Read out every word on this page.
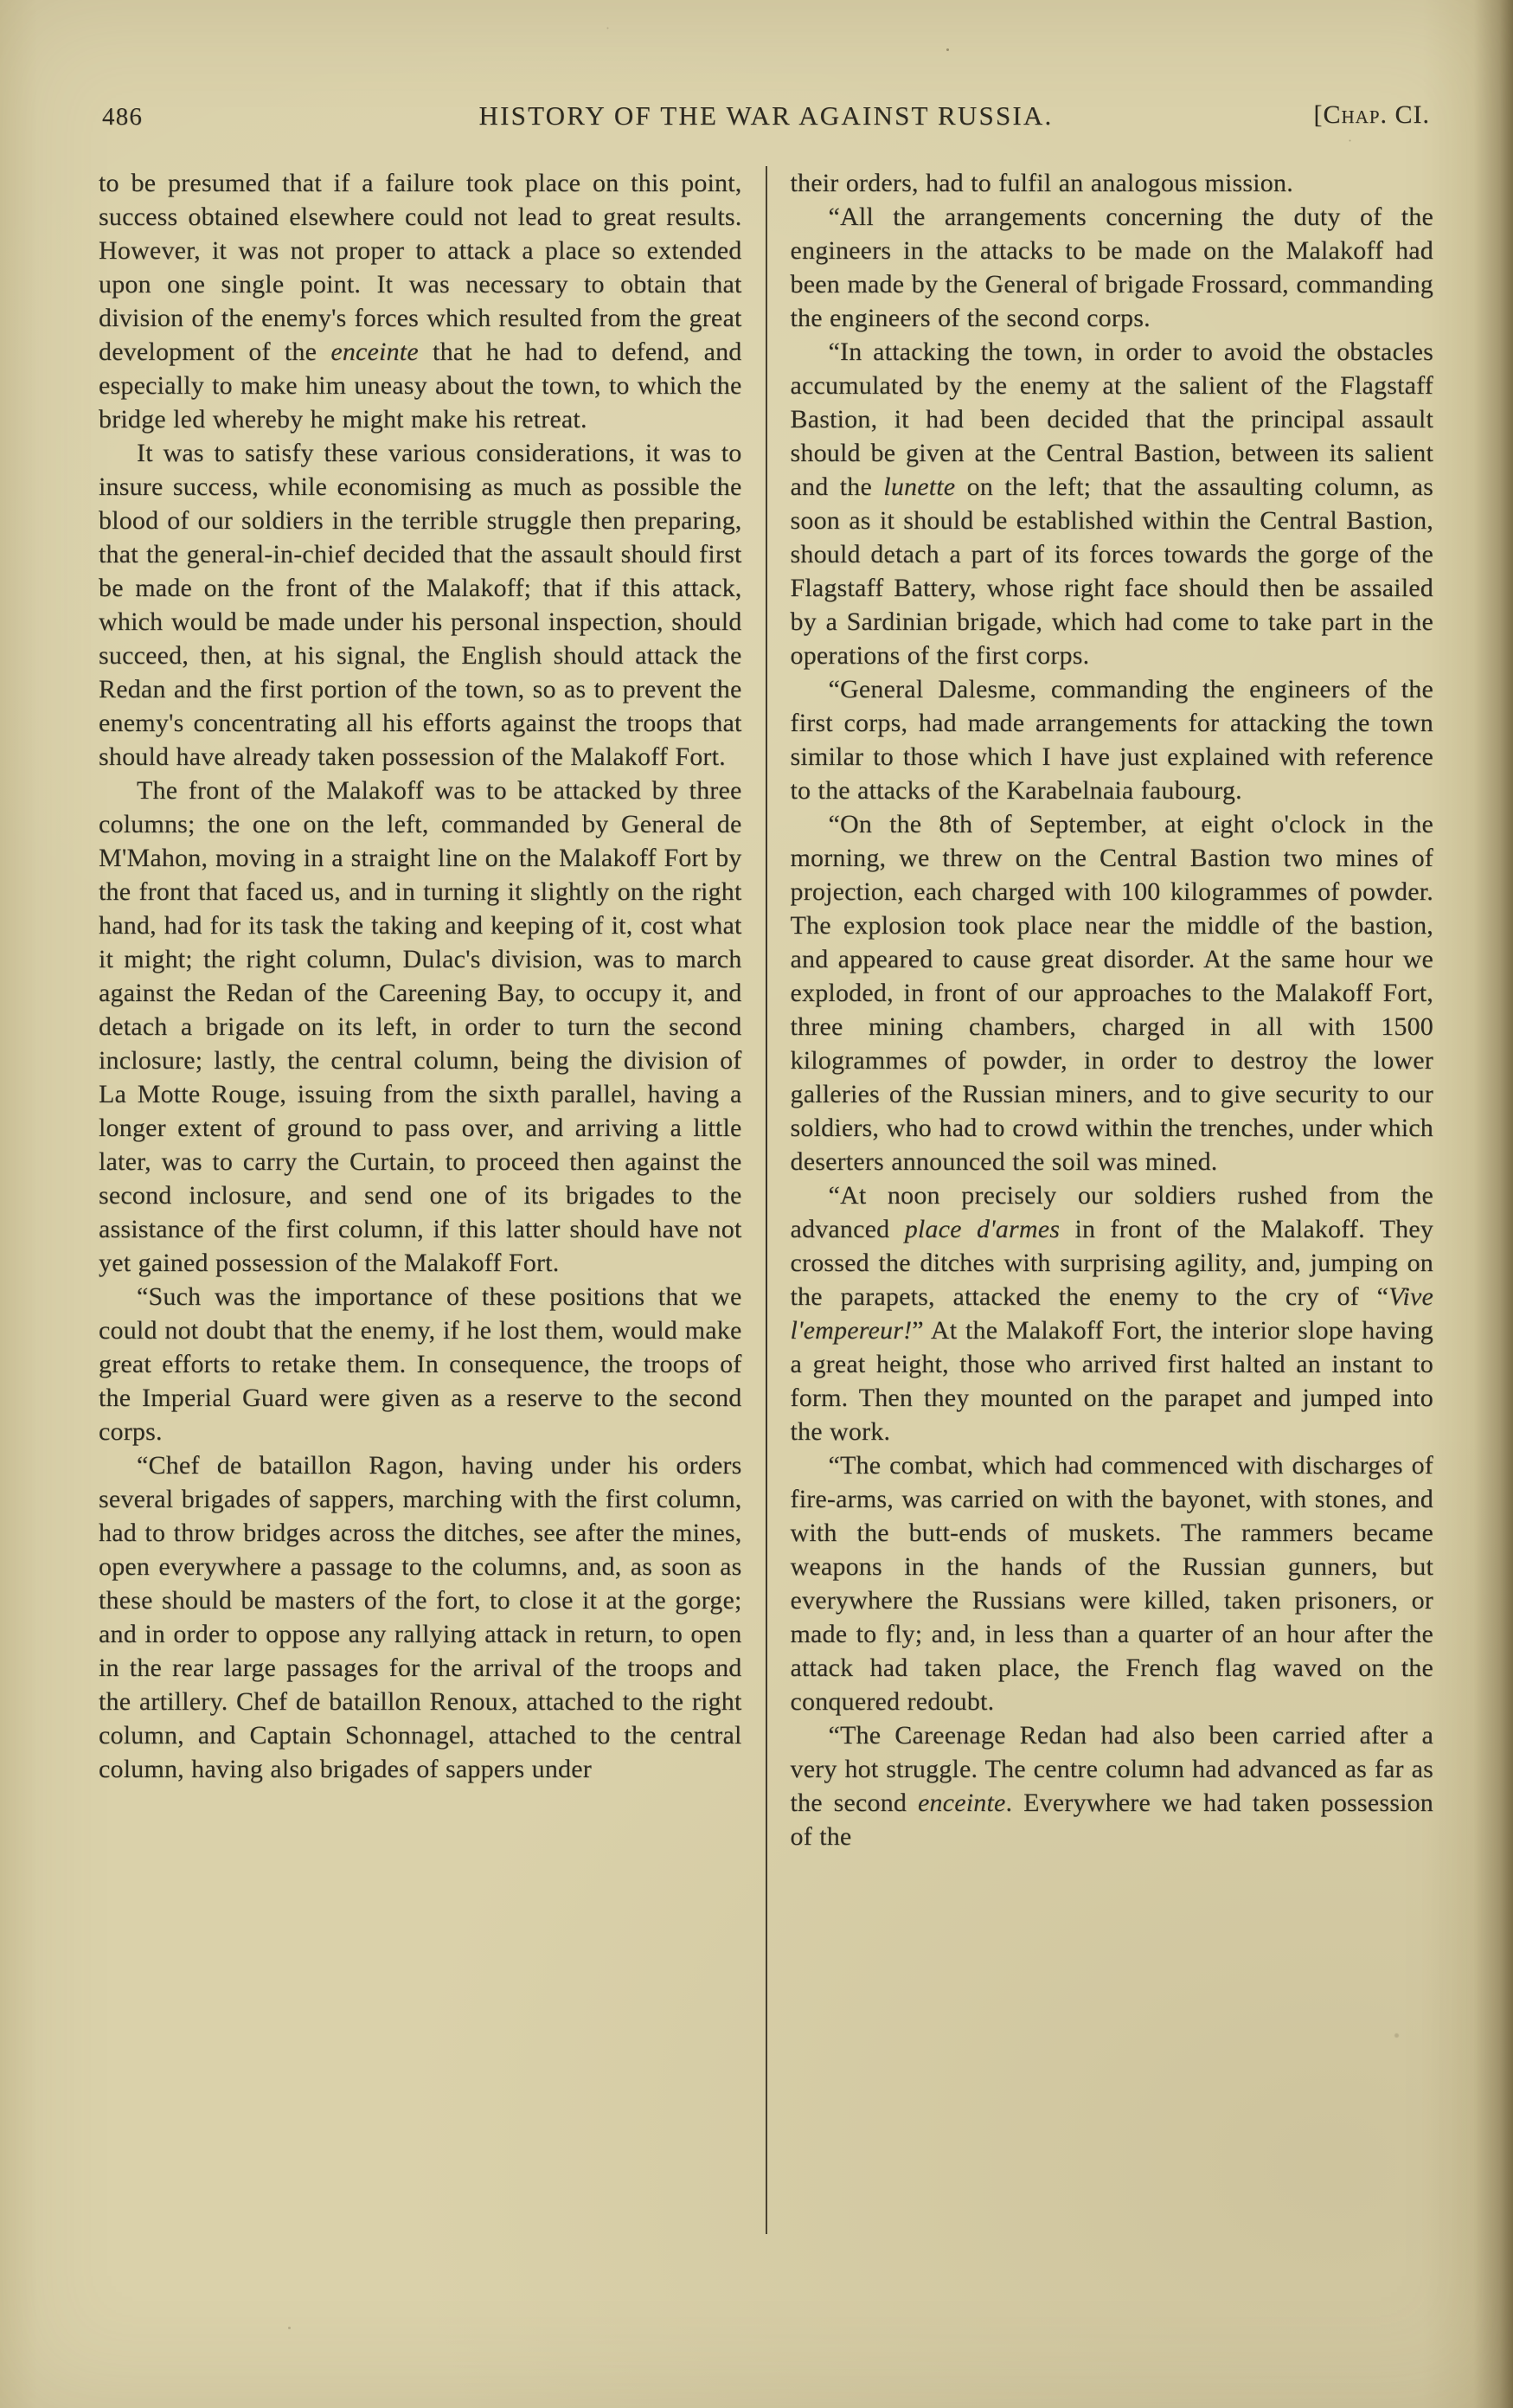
486	HISTORY OF THE WAR AGAINST RUSSIA.	[Chap. CI.

to be presumed that if a failure took place on this point, success obtained elsewhere could not lead to great results. However, it was not proper to attack a place so extended upon one single point. It was necessary to obtain that division of the enemy's forces which resulted from the great development of the enceinte that he had to defend, and especially to make him uneasy about the town, to which the bridge led whereby he might make his retreat.

It was to satisfy these various considerations, it was to insure success, while economising as much as possible the blood of our soldiers in the terrible struggle then preparing, that the general-in-chief decided that the assault should first be made on the front of the Malakoff; that if this attack, which would be made under his personal inspection, should succeed, then, at his signal, the English should attack the Redan and the first portion of the town, so as to prevent the enemy's concentrating all his efforts against the troops that should have already taken possession of the Malakoff Fort.

The front of the Malakoff was to be attacked by three columns; the one on the left, commanded by General de M'Mahon, moving in a straight line on the Malakoff Fort by the front that faced us, and in turning it slightly on the right hand, had for its task the taking and keeping of it, cost what it might; the right column, Dulac's division, was to march against the Redan of the Careening Bay, to occupy it, and detach a brigade on its left, in order to turn the second inclosure; lastly, the central column, being the division of La Motte Rouge, issuing from the sixth parallel, having a longer extent of ground to pass over, and arriving a little later, was to carry the Curtain, to proceed then against the second inclosure, and send one of its brigades to the assistance of the first column, if this latter should have not yet gained possession of the Malakoff Fort.

“Such was the importance of these positions that we could not doubt that the enemy, if he lost them, would make great efforts to retake them. In consequence, the troops of the Imperial Guard were given as a reserve to the second corps.

“Chef de bataillon Ragon, having under his orders several brigades of sappers, marching with the first column, had to throw bridges across the ditches, see after the mines, open everywhere a passage to the columns, and, as soon as these should be masters of the fort, to close it at the gorge; and in order to oppose any rallying attack in return, to open in the rear large passages for the arrival of the troops and the artillery. Chef de bataillon Renoux, attached to the right column, and Captain Schonnagel, attached to the central column, having also brigades of sappers under

their orders, had to fulfil an analogous mission.

“All the arrangements concerning the duty of the engineers in the attacks to be made on the Malakoff had been made by the General of brigade Frossard, commanding the engineers of the second corps.

“In attacking the town, in order to avoid the obstacles accumulated by the enemy at the salient of the Flagstaff Bastion, it had been decided that the principal assault should be given at the Central Bastion, between its salient and the lunette on the left; that the assaulting column, as soon as it should be established within the Central Bastion, should detach a part of its forces towards the gorge of the Flagstaff Battery, whose right face should then be assailed by a Sardinian brigade, which had come to take part in the operations of the first corps.

“General Dalesme, commanding the engineers of the first corps, had made arrangements for attacking the town similar to those which I have just explained with reference to the attacks of the Karabelnaia faubourg.

“On the 8th of September, at eight o'clock in the morning, we threw on the Central Bastion two mines of projection, each charged with 100 kilogrammes of powder. The explosion took place near the middle of the bastion, and appeared to cause great disorder. At the same hour we exploded, in front of our approaches to the Malakoff Fort, three mining chambers, charged in all with 1500 kilogrammes of powder, in order to destroy the lower galleries of the Russian miners, and to give security to our soldiers, who had to crowd within the trenches, under which deserters announced the soil was mined.

“At noon precisely our soldiers rushed from the advanced place d'armes in front of the Malakoff. They crossed the ditches with surprising agility, and, jumping on the parapets, attacked the enemy to the cry of “Vive l'empereur!” At the Malakoff Fort, the interior slope having a great height, those who arrived first halted an instant to form. Then they mounted on the parapet and jumped into the work.

“The combat, which had commenced with discharges of fire-arms, was carried on with the bayonet, with stones, and with the butt-ends of muskets. The rammers became weapons in the hands of the Russian gunners, but everywhere the Russians were killed, taken prisoners, or made to fly; and, in less than a quarter of an hour after the attack had taken place, the French flag waved on the conquered redoubt.

“The Careenage Redan had also been carried after a very hot struggle. The centre column had advanced as far as the second enceinte. Everywhere we had taken possession of the
